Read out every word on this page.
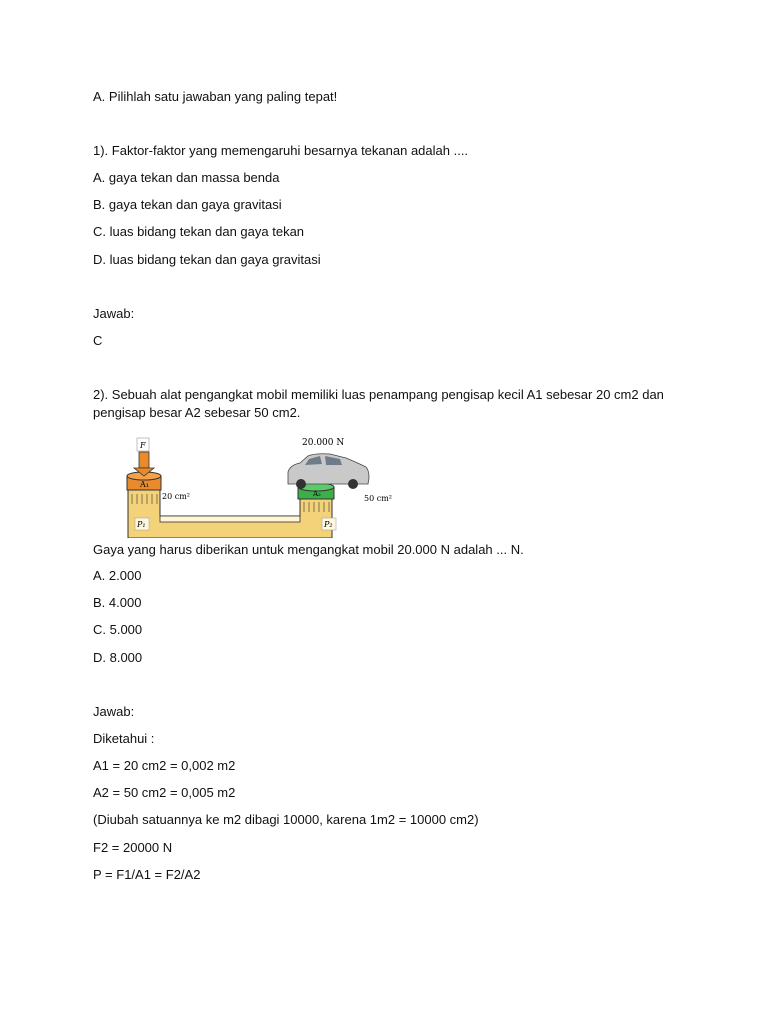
A. Pilihlah satu jawaban yang paling tepat!
1). Faktor-faktor yang memengaruhi besarnya tekanan adalah ....
A. gaya tekan dan massa benda
B. gaya tekan dan gaya gravitasi
C. luas bidang tekan dan gaya tekan
D. luas bidang tekan dan gaya gravitasi
Jawab:
C
2). Sebuah alat pengangkat mobil memiliki luas penampang pengisap kecil A1 sebesar 20 cm2 dan
pengisap besar A2 sebesar 50 cm2.
A₁
F
20 cm²	A₂	50 cm²
20.000 N
P₁	P₂
Gaya yang harus diberikan untuk mengangkat mobil 20.000 N adalah ... N.
A. 2.000
B. 4.000
C. 5.000
D. 8.000
Jawab:
Diketahui :
A1 = 20 cm2 = 0,002 m2
A2 = 50 cm2 = 0,005 m2
(Diubah satuannya ke m2 dibagi 10000, karena 1m2 = 10000 cm2)
F2 = 20000 N
P = F1/A1 = F2/A2
